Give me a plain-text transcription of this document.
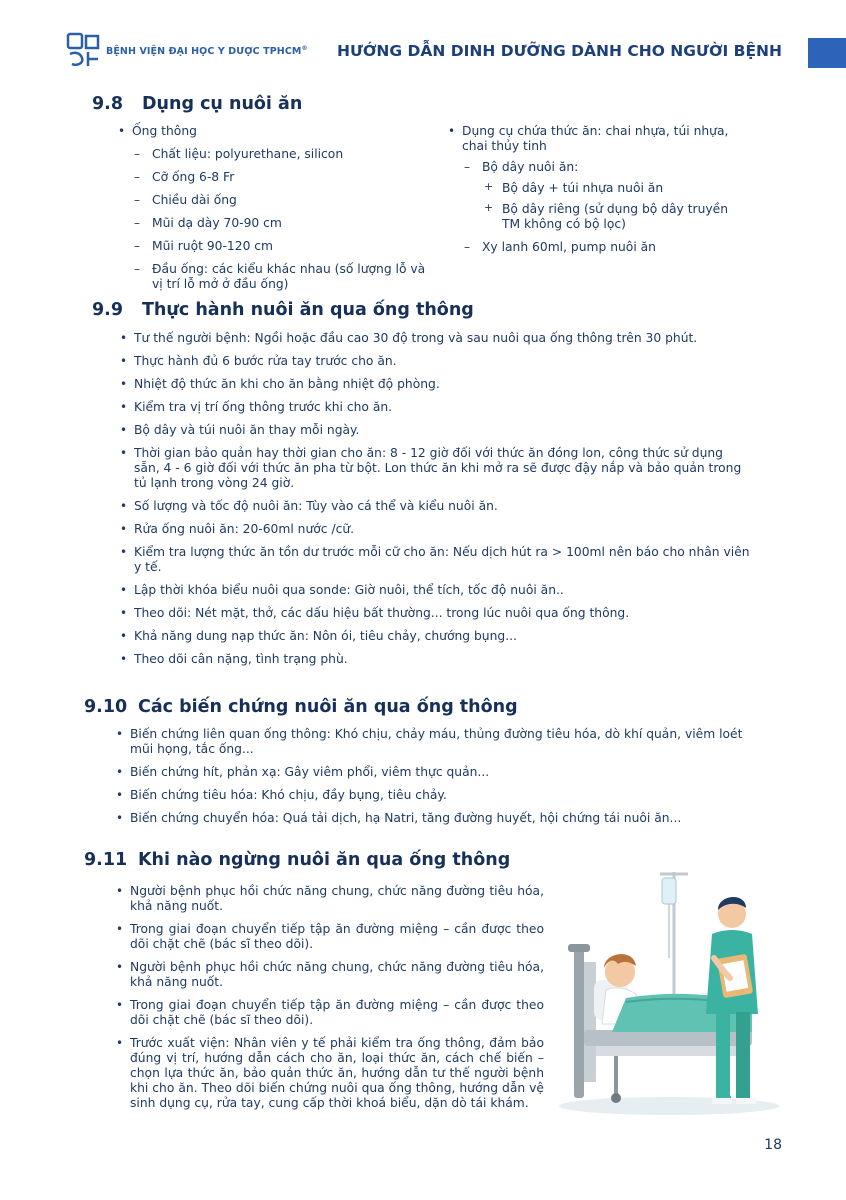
BỆNH VIỆN ĐẠI HỌC Y DƯỢC TPHCM® HƯỚNG DẪN DINH DƯỠNG DÀNH CHO NGƯỜI BỆNH
9.8 Dụng cụ nuôi ăn
• Ống thông
– Chất liệu: polyurethane, silicon
– Cỡ ống 6-8 Fr
– Chiều dài ống
– Mũi dạ dày 70-90 cm
– Mũi ruột 90-120 cm
– Đầu ống: các kiểu khác nhau (số lượng lỗ và vị trí lỗ mở ở đầu ống)
• Dụng cụ chứa thức ăn: chai nhựa, túi nhựa, chai thủy tinh
– Bộ dây nuôi ăn:
+ Bộ dây + túi nhựa nuôi ăn
+ Bộ dây riêng (sử dụng bộ dây truyền TM không có bộ lọc)
– Xy lanh 60ml, pump nuôi ăn
9.9 Thực hành nuôi ăn qua ống thông
• Tư thế người bệnh: Ngồi hoặc đầu cao 30 độ trong và sau nuôi qua ống thông trên 30 phút.
• Thực hành đủ 6 bước rửa tay trước cho ăn.
• Nhiệt độ thức ăn khi cho ăn bằng nhiệt độ phòng.
• Kiểm tra vị trí ống thông trước khi cho ăn.
• Bộ dây và túi nuôi ăn thay mỗi ngày.
• Thời gian bảo quản hay thời gian cho ăn: 8 - 12 giờ đối với thức ăn đóng lon, công thức sử dụng sẵn, 4 - 6 giờ đối với thức ăn pha từ bột. Lon thức ăn khi mở ra sẽ được đậy nắp và bảo quản trong tủ lạnh trong vòng 24 giờ.
• Số lượng và tốc độ nuôi ăn: Tùy vào cá thể và kiểu nuôi ăn.
• Rửa ống nuôi ăn: 20-60ml nước /cữ.
• Kiểm tra lượng thức ăn tồn dư trước mỗi cữ cho ăn: Nếu dịch hút ra > 100ml nên báo cho nhân viên y tế.
• Lập thời khóa biểu nuôi qua sonde: Giờ nuôi, thể tích, tốc độ nuôi ăn..
• Theo dõi: Nét mặt, thở, các dấu hiệu bất thường... trong lúc nuôi qua ống thông.
• Khả năng dung nạp thức ăn: Nôn ói, tiêu chảy, chướng bụng...
• Theo dõi cân nặng, tình trạng phù.
9.10 Các biến chứng nuôi ăn qua ống thông
• Biến chứng liên quan ống thông: Khó chịu, chảy máu, thủng đường tiêu hóa, dò khí quản, viêm loét mũi họng, tắc ống...
• Biến chứng hít, phản xạ: Gây viêm phổi, viêm thực quản...
• Biến chứng tiêu hóa: Khó chịu, đầy bụng, tiêu chảy.
• Biến chứng chuyển hóa: Quá tải dịch, hạ Natri, tăng đường huyết, hội chứng tái nuôi ăn...
9.11 Khi nào ngừng nuôi ăn qua ống thông
• Người bệnh phục hồi chức năng chung, chức năng đường tiêu hóa, khả năng nuốt.
• Trong giai đoạn chuyển tiếp tập ăn đường miệng – cần được theo dõi chặt chẽ (bác sĩ theo dõi).
• Người bệnh phục hồi chức năng chung, chức năng đường tiêu hóa, khả năng nuốt.
• Trong giai đoạn chuyển tiếp tập ăn đường miệng – cần được theo dõi chặt chẽ (bác sĩ theo dõi).
• Trước xuất viện: Nhân viên y tế phải kiểm tra ống thông, đảm bảo đúng vị trí, hướng dẫn cách cho ăn, loại thức ăn, cách chế biến – chọn lựa thức ăn, bảo quản thức ăn, hướng dẫn tư thế người bệnh khi cho ăn. Theo dõi biến chứng nuôi qua ống thông, hướng dẫn vệ sinh dụng cụ, rửa tay, cung cấp thời khoá biểu, dặn dò tái khám.
18
